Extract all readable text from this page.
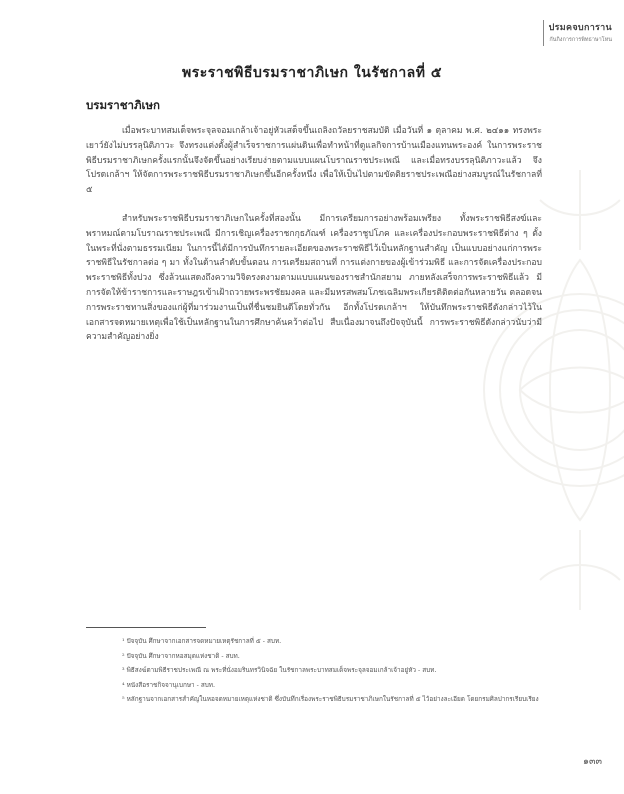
ปรมคจบการาน
กันกิงการการพิทธาษาโหน
พระราชพิธีบรมราชาภิเษก ในรัชกาลที่ ๕
บรมราชาภิเษก

เมื่อพระบาทสมเด็จพระจุลจอมเกล้าเจ้าอยู่หัวเสด็จขึ้นเถลิงถวัลยราชสมบัติ เมื่อวันที่ ๑ ตุลาคม พ.ศ. ๒๔๑๑ ทรงพระเยาว์ยังไม่บรรลุนิติภาวะ จึงทรงแต่งตั้งผู้สำเร็จราชการแผ่นดินเพื่อทำหน้าที่ดูแลกิจการบ้านเมืองแทนพระองค์ ในการพระราชพิธีบรมราชาภิเษกครั้งแรกนั้นจึงจัดขึ้นอย่างเรียบง่ายตามแบบแผนโบราณราชประเพณี และเมื่อทรงบรรลุนิติภาวะแล้ว จึงโปรดเกล้าฯ ให้จัดการพระราชพิธีบรมราชาภิเษกขึ้นอีกครั้งหนึ่ง เพื่อให้เป็นไปตามขัตติยราชประเพณีอย่างสมบูรณ์ในรัชกาลที่ ๕

สำหรับพระราชพิธีบรมราชาภิเษกในครั้งที่สองนั้น มีการเตรียมการอย่างพร้อมเพรียง ทั้งพระราชพิธีสงฆ์และพราหมณ์ตามโบราณราชประเพณี มีการเชิญเครื่องราชกกุธภัณฑ์ เครื่องราชูปโภค และเครื่องประกอบพระราชพิธีต่าง ๆ ตั้งในพระที่นั่งตามธรรมเนียม ในการนี้ได้มีการบันทึกรายละเอียดของพระราชพิธีไว้เป็นหลักฐานสำคัญ เป็นแบบอย่างแก่การพระราชพิธีในรัชกาลต่อ ๆ มา ทั้งในด้านลำดับขั้นตอน การเตรียมสถานที่ การแต่งกายของผู้เข้าร่วมพิธี และการจัดเครื่องประกอบพระราชพิธีทั้งปวง ซึ่งล้วนแสดงถึงความวิจิตรงดงามตามแบบแผนของราชสำนักสยาม ภายหลังเสร็จการพระราชพิธีแล้ว มีการจัดให้ข้าราชการและราษฎรเข้าเฝ้าถวายพระพรชัยมงคล และมีมหรสพสมโภชเฉลิมพระเกียรติติดต่อกันหลายวัน ตลอดจนการพระราชทานสิ่งของแก่ผู้ที่มาร่วมงานเป็นที่ชื่นชมยินดีโดยทั่วกัน อีกทั้งโปรดเกล้าฯ ให้บันทึกพระราชพิธีดังกล่าวไว้ในเอกสารจดหมายเหตุเพื่อใช้เป็นหลักฐานในการศึกษาค้นคว้าต่อไป สืบเนื่องมาจนถึงปัจจุบันนี้ การพระราชพิธีดังกล่าวนับว่ามีความสำคัญอย่างยิ่ง

¹ ปัจจุบัน ศึกษาจากเอกสารจดหมายเหตุรัชกาลที่ ๕ - สบท.
² ปัจจุบัน ศึกษาจากหอสมุดแห่งชาติ - สบท.
³ พิธีสงฆ์ตามพิธีราชประเพณี ณ พระที่นั่งอมรินทรวินิจฉัย ในรัชกาลพระบาทสมเด็จพระจุลจอมเกล้าเจ้าอยู่หัว - สบท.
⁴ หนังสือราชกิจจานุเบกษา - สบท.
⁵ หลักฐานจากเอกสารสำคัญในหอจดหมายเหตุแห่งชาติ ซึ่งบันทึกเรื่องพระราชพิธีบรมราชาภิเษกในรัชกาลที่ ๕ ไว้อย่างละเอียด โดยกรมศิลปากรเรียบเรียง
๑๓๓
